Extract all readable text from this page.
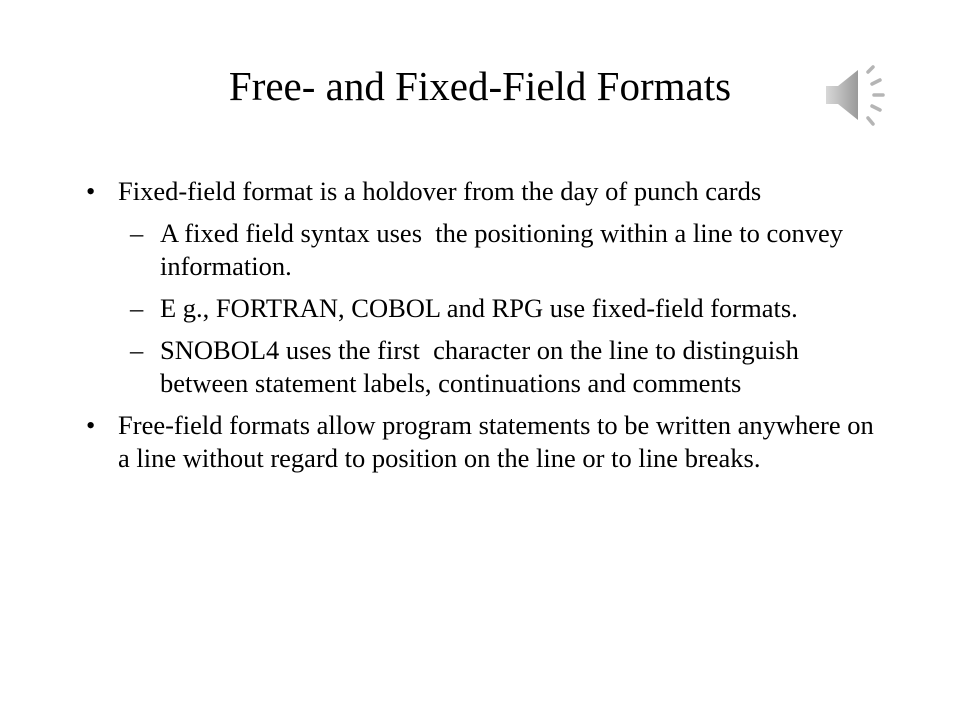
Free- and Fixed-Field Formats
• Fixed-field format is a holdover from the day of punch cards
– A fixed field syntax uses  the positioning within a line to convey information.
– E g., FORTRAN, COBOL and RPG use fixed-field formats.
– SNOBOL4 uses the first  character on the line to distinguish between statement labels, continuations and comments
• Free-field formats allow program statements to be written anywhere on a line without regard to position on the line or to line breaks.
